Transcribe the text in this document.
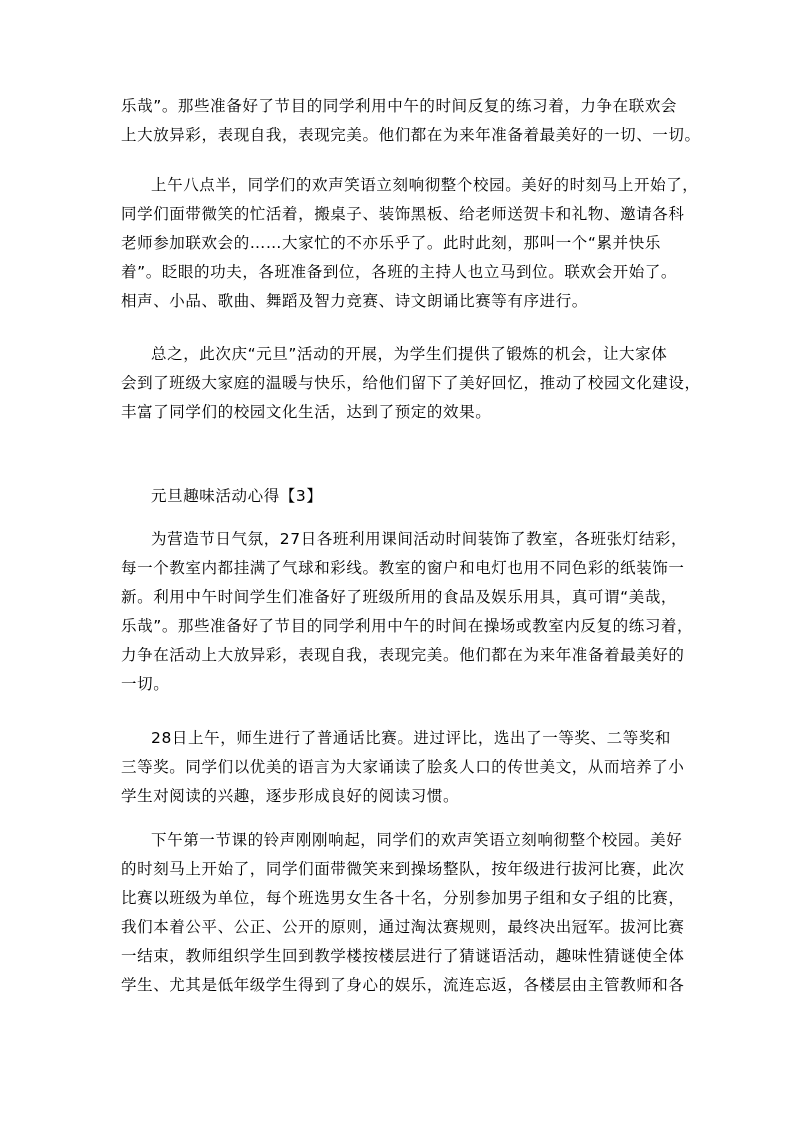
乐哉”。那些准备好了节目的同学利用中午的时间反复的练习着，力争在联欢会
上大放异彩，表现自我，表现完美。他们都在为来年准备着最美好的一切、一切。
上午八点半，同学们的欢声笑语立刻响彻整个校园。美好的时刻马上开始了，
同学们面带微笑的忙活着，搬桌子、装饰黑板、给老师送贺卡和礼物、邀请各科
老师参加联欢会的……大家忙的不亦乐乎了。此时此刻，那叫一个“累并快乐
着”。眨眼的功夫，各班准备到位，各班的主持人也立马到位。联欢会开始了。
相声、小品、歌曲、舞蹈及智力竞赛、诗文朗诵比赛等有序进行。
总之，此次庆“元旦”活动的开展，为学生们提供了锻炼的机会，让大家体
会到了班级大家庭的温暖与快乐，给他们留下了美好回忆，推动了校园文化建设，
丰富了同学们的校园文化生活，达到了预定的效果。
元旦趣味活动心得【3】
为营造节日气氛，27日各班利用课间活动时间装饰了教室，各班张灯结彩，
每一个教室内都挂满了气球和彩线。教室的窗户和电灯也用不同色彩的纸装饰一
新。利用中午时间学生们准备好了班级所用的食品及娱乐用具，真可谓“美哉，
乐哉”。那些准备好了节目的同学利用中午的时间在操场或教室内反复的练习着，
力争在活动上大放异彩，表现自我，表现完美。他们都在为来年准备着最美好的
一切。
28日上午，师生进行了普通话比赛。进过评比，选出了一等奖、二等奖和
三等奖。同学们以优美的语言为大家诵读了脍炙人口的传世美文，从而培养了小
学生对阅读的兴趣，逐步形成良好的阅读习惯。
下午第一节课的铃声刚刚响起，同学们的欢声笑语立刻响彻整个校园。美好
的时刻马上开始了，同学们面带微笑来到操场整队，按年级进行拔河比赛，此次
比赛以班级为单位，每个班选男女生各十名，分别参加男子组和女子组的比赛，
我们本着公平、公正、公开的原则，通过淘汰赛规则，最终决出冠军。拔河比赛
一结束，教师组织学生回到教学楼按楼层进行了猜谜语活动，趣味性猜谜使全体
学生、尤其是低年级学生得到了身心的娱乐，流连忘返，各楼层由主管教师和各
